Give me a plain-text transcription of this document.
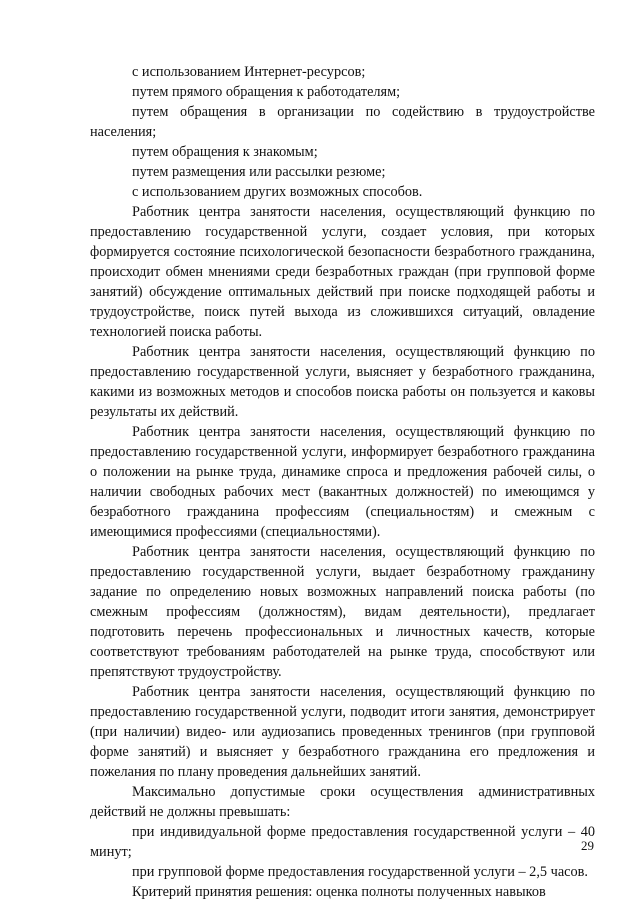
с использованием Интернет-ресурсов;

путем прямого обращения к работодателям;

путем обращения в организации по содействию в трудоустройстве населения;

путем обращения к знакомым;

путем размещения или рассылки резюме;

с использованием других возможных способов.

Работник центра занятости населения, осуществляющий функцию по предоставлению государственной услуги, создает условия, при которых формируется состояние психологической безопасности безработного гражданина, происходит обмен мнениями среди безработных граждан (при групповой форме занятий) обсуждение оптимальных действий при поиске подходящей работы и трудоустройстве, поиск путей выхода из сложившихся ситуаций, овладение технологией поиска работы.

Работник центра занятости населения, осуществляющий функцию по предоставлению государственной услуги, выясняет у безработного гражданина, какими из возможных методов и способов поиска работы он пользуется и каковы результаты их действий.

Работник центра занятости населения, осуществляющий функцию по предоставлению государственной услуги, информирует безработного гражданина о положении на рынке труда, динамике спроса и предложения рабочей силы, о наличии свободных рабочих мест (вакантных должностей) по имеющимся у безработного гражданина профессиям (специальностям) и смежным с имеющимися профессиями (специальностями).

Работник центра занятости населения, осуществляющий функцию по предоставлению государственной услуги, выдает безработному гражданину задание по определению новых возможных направлений поиска работы (по смежным профессиям (должностям), видам деятельности), предлагает подготовить перечень профессиональных и личностных качеств, которые соответствуют требованиям работодателей на рынке труда, способствуют или препятствуют трудоустройству.

Работник центра занятости населения, осуществляющий функцию по предоставлению государственной услуги, подводит итоги занятия, демонстрирует (при наличии) видео- или аудиозапись проведенных тренингов (при групповой форме занятий) и выясняет у безработного гражданина его предложения и пожелания по плану проведения дальнейших занятий.

Максимально допустимые сроки осуществления административных действий не должны превышать:

при индивидуальной форме предоставления государственной услуги – 40 минут;

при групповой форме предоставления государственной услуги – 2,5 часов.

Критерий принятия решения: оценка полноты полученных навыков

29
